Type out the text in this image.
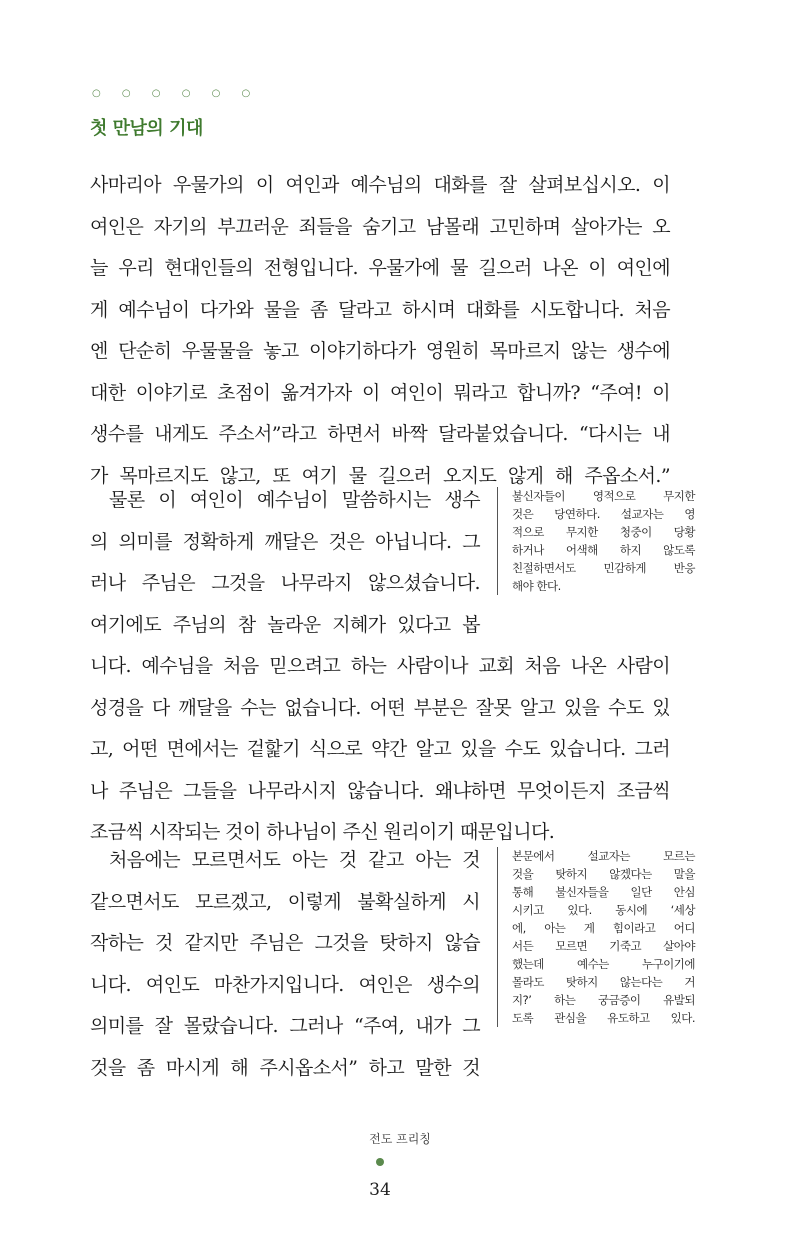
○ ○ ○ ○ ○ ○
첫 만남의 기대
사마리아 우물가의 이 여인과 예수님의 대화를 잘 살펴보십시오. 이
여인은 자기의 부끄러운 죄들을 숨기고 남몰래 고민하며 살아가는 오
늘 우리 현대인들의 전형입니다. 우물가에 물 길으러 나온 이 여인에
게 예수님이 다가와 물을 좀 달라고 하시며 대화를 시도합니다. 처음
엔 단순히 우물물을 놓고 이야기하다가 영원히 목마르지 않는 생수에
대한 이야기로 초점이 옮겨가자 이 여인이 뭐라고 합니까? “주여! 이
생수를 내게도 주소서”라고 하면서 바짝 달라붙었습니다. “다시는 내
가 목마르지도 않고, 또 여기 물 길으러 오지도 않게 해 주옵소서.”
물론 이 여인이 예수님이 말씀하시는 생수
의 의미를 정확하게 깨달은 것은 아닙니다. 그
러나 주님은 그것을 나무라지 않으셨습니다.
여기에도 주님의 참 놀라운 지혜가 있다고 봅
불신자들이 영적으로 무지한
것은 당연하다. 설교자는 영
적으로 무지한 청중이 당황
하거나 어색해 하지 않도록
친절하면서도 민감하게 반응
해야 한다.
니다. 예수님을 처음 믿으려고 하는 사람이나 교회 처음 나온 사람이
성경을 다 깨달을 수는 없습니다. 어떤 부분은 잘못 알고 있을 수도 있
고, 어떤 면에서는 겉핥기 식으로 약간 알고 있을 수도 있습니다. 그러
나 주님은 그들을 나무라시지 않습니다. 왜냐하면 무엇이든지 조금씩
조금씩 시작되는 것이 하나님이 주신 원리이기 때문입니다.
처음에는 모르면서도 아는 것 같고 아는 것
같으면서도 모르겠고, 이렇게 불확실하게 시
작하는 것 같지만 주님은 그것을 탓하지 않습
니다. 여인도 마찬가지입니다. 여인은 생수의
의미를 잘 몰랐습니다. 그러나 “주여, 내가 그
것을 좀 마시게 해 주시옵소서” 하고 말한 것
본문에서 설교자는 모르는
것을 탓하지 않겠다는 말을
통해 불신자들을 일단 안심
시키고 있다. 동시에 ‘세상
에, 아는 게 힘이라고 어디
서든 모르면 기죽고 살아야
했는데 예수는 누구이기에
몰라도 탓하지 않는다는 거
지?’ 하는 궁금증이 유발되
도록 관심을 유도하고 있다.
전도 프리칭
34
